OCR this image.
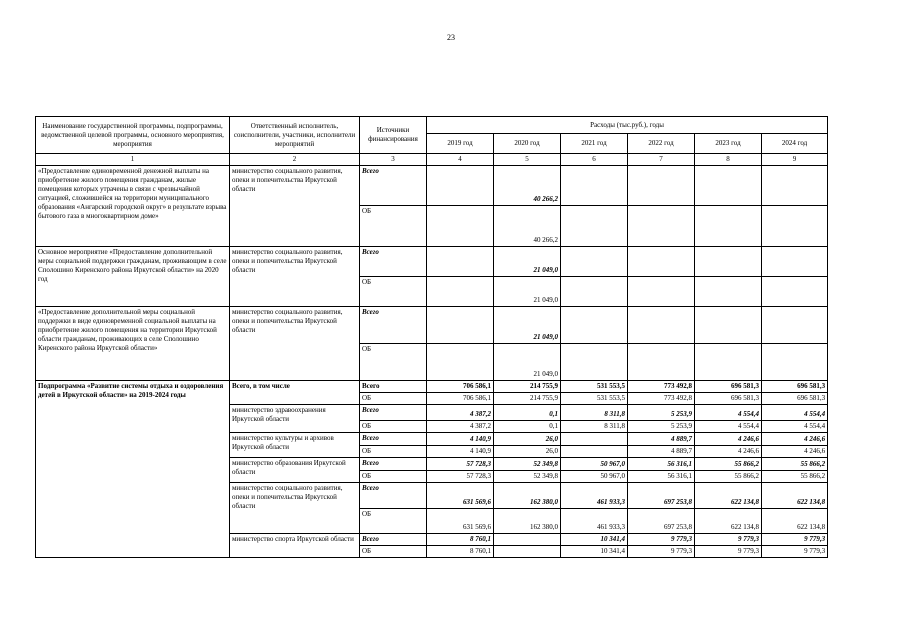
23
Наименование государственной программы, подпрограммы, ведомственной целевой программы, основного мероприятия, мероприятия	Ответственный исполнитель, соисполнители, участники, исполнители мероприятий	Источники финансирования	Расходы (тыс.руб.), годы					
			2019 год	2020 год	2021 год	2022 год	2023 год	2024 год
1	2	3	4	5	6	7	8	9
«Предоставление единовременной денежной выплаты на приобретение жилого помещения гражданам, жилые помещения которых утрачены в связи с чрезвычайной ситуацией, сложившейся на территории муниципального образования «Ангарский городской округ» в результате взрыва бытового газа в многоквартирном доме»	министерство социального развития, опеки и попечительства Иркутской области	Всего		40 266,2				
		ОБ		40 266,2				
Основное мероприятие «Предоставление дополнительной меры социальной поддержки гражданам, проживающим в селе Сполошино Киренского района Иркутской области» на 2020 год	министерство социального развития, опеки и попечительства Иркутской области	Всего		21 049,0				
		ОБ		21 049,0				
«Предоставление дополнительной меры социальной поддержки в виде единовременной социальной выплаты на приобретение жилого помещения на территории Иркутской области гражданам, проживающих в селе Сполошино Киренского района Иркутской области»	министерство социального развития, опеки и попечительства Иркутской области	Всего		21 049,0				
		ОБ		21 049,0				
Подпрограмма «Развитие системы отдыха и оздоровления детей в Иркутской области» на 2019-2024 годы	Всего, в том числе	Всего	706 586,1	214 755,9	531 553,5	773 492,8	696 581,3	696 581,3
		ОБ	706 586,1	214 755,9	531 553,5	773 492,8	696 581,3	696 581,3
	министерство здравоохранения Иркутской области	Всего	4 387,2	0,1	8 311,8	5 253,9	4 554,4	4 554,4
		ОБ	4 387,2	0,1	8 311,8	5 253,9	4 554,4	4 554,4
	министерство культуры и архивов Иркутской области	Всего	4 140,9	26,0		4 889,7	4 246,6	4 246,6
		ОБ	4 140,9	26,0		4 889,7	4 246,6	4 246,6
	министерство образования Иркутской области	Всего	57 728,3	52 349,8	50 967,0	56 316,1	55 866,2	55 866,2
		ОБ	57 728,3	52 349,8	50 967,0	56 316,1	55 866,2	55 866,2
	министерство социального развития, опеки и попечительства Иркутской области	Всего	631 569,6	162 380,0	461 933,3	697 253,8	622 134,8	622 134,8
		ОБ	631 569,6	162 380,0	461 933,3	697 253,8	622 134,8	622 134,8
	министерство спорта Иркутской области	Всего	8 760,1		10 341,4	9 779,3	9 779,3	9 779,3
		ОБ	8 760,1		10 341,4	9 779,3	9 779,3	9 779,3
